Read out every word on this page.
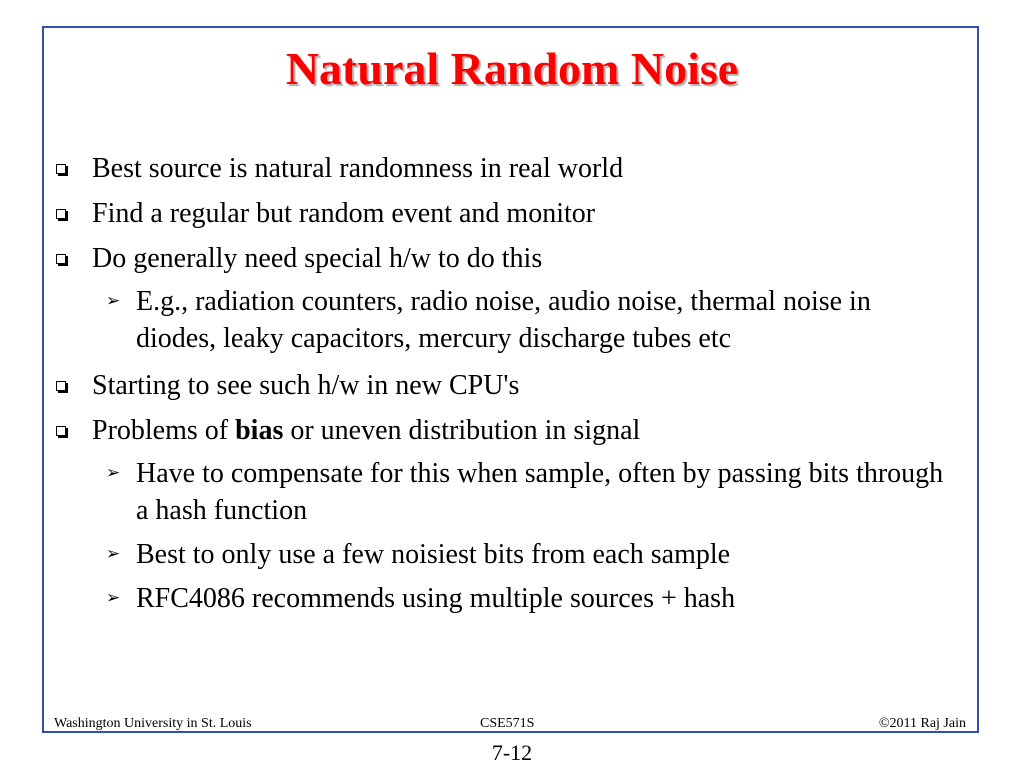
Natural Random Noise
Best source is natural randomness in real world
Find a regular but random event and monitor
Do generally need special h/w to do this
➢ E.g., radiation counters, radio noise, audio noise, thermal noise in diodes, leaky capacitors, mercury discharge tubes etc
Starting to see such h/w in new CPU's
Problems of bias or uneven distribution in signal
➢ Have to compensate for this when sample, often by passing bits through a hash function
➢ Best to only use a few noisiest bits from each sample
➢ RFC4086 recommends using multiple sources + hash
Washington University in St. Louis	CSE571S	©2011 Raj Jain
7-12
